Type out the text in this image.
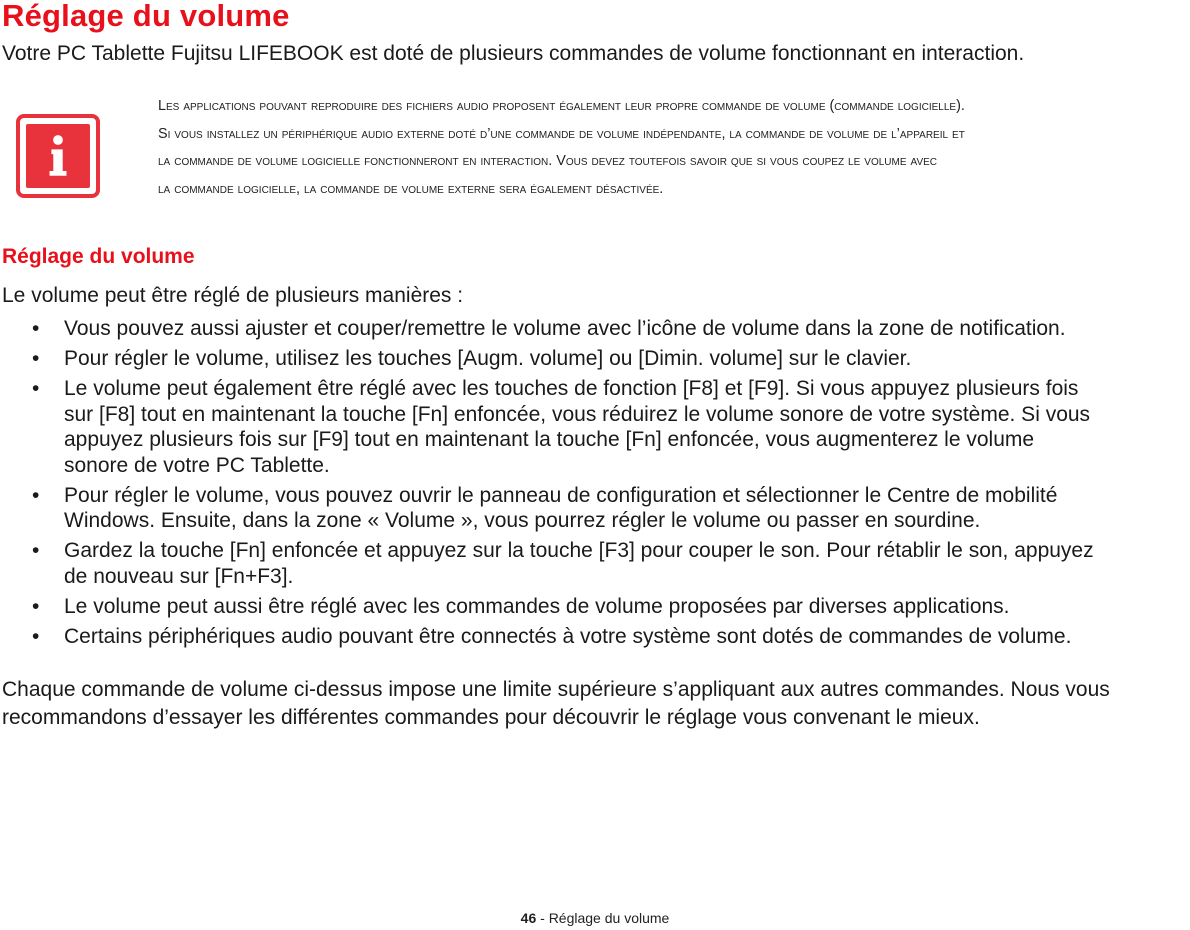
Réglage du volume

Votre PC Tablette Fujitsu LIFEBOOK est doté de plusieurs commandes de volume fonctionnant en interaction.

Les applications pouvant reproduire des fichiers audio proposent également leur propre commande de volume (commande logicielle).
Si vous installez un périphérique audio externe doté d’une commande de volume indépendante, la commande de volume de l’appareil et
la commande de volume logicielle fonctionneront en interaction. Vous devez toutefois savoir que si vous coupez le volume avec
la commande logicielle, la commande de volume externe sera également désactivée.
Réglage du volume

Le volume peut être réglé de plusieurs manières :

• Vous pouvez aussi ajuster et couper/remettre le volume avec l’icône de volume dans la zone de notification.
• Pour régler le volume, utilisez les touches [Augm. volume] ou [Dimin. volume] sur le clavier.
• Le volume peut également être réglé avec les touches de fonction [F8] et [F9]. Si vous appuyez plusieurs fois
sur [F8] tout en maintenant la touche [Fn] enfoncée, vous réduirez le volume sonore de votre système. Si vous
appuyez plusieurs fois sur [F9] tout en maintenant la touche [Fn] enfoncée, vous augmenterez le volume
sonore de votre PC Tablette.
• Pour régler le volume, vous pouvez ouvrir le panneau de configuration et sélectionner le Centre de mobilité
Windows. Ensuite, dans la zone « Volume », vous pourrez régler le volume ou passer en sourdine.
• Gardez la touche [Fn] enfoncée et appuyez sur la touche [F3] pour couper le son. Pour rétablir le son, appuyez
de nouveau sur [Fn+F3].
• Le volume peut aussi être réglé avec les commandes de volume proposées par diverses applications.
• Certains périphériques audio pouvant être connectés à votre système sont dotés de commandes de volume.
Chaque commande de volume ci-dessus impose une limite supérieure s’appliquant aux autres commandes. Nous vous
recommandons d’essayer les différentes commandes pour découvrir le réglage vous convenant le mieux.
46 - Réglage du volume
